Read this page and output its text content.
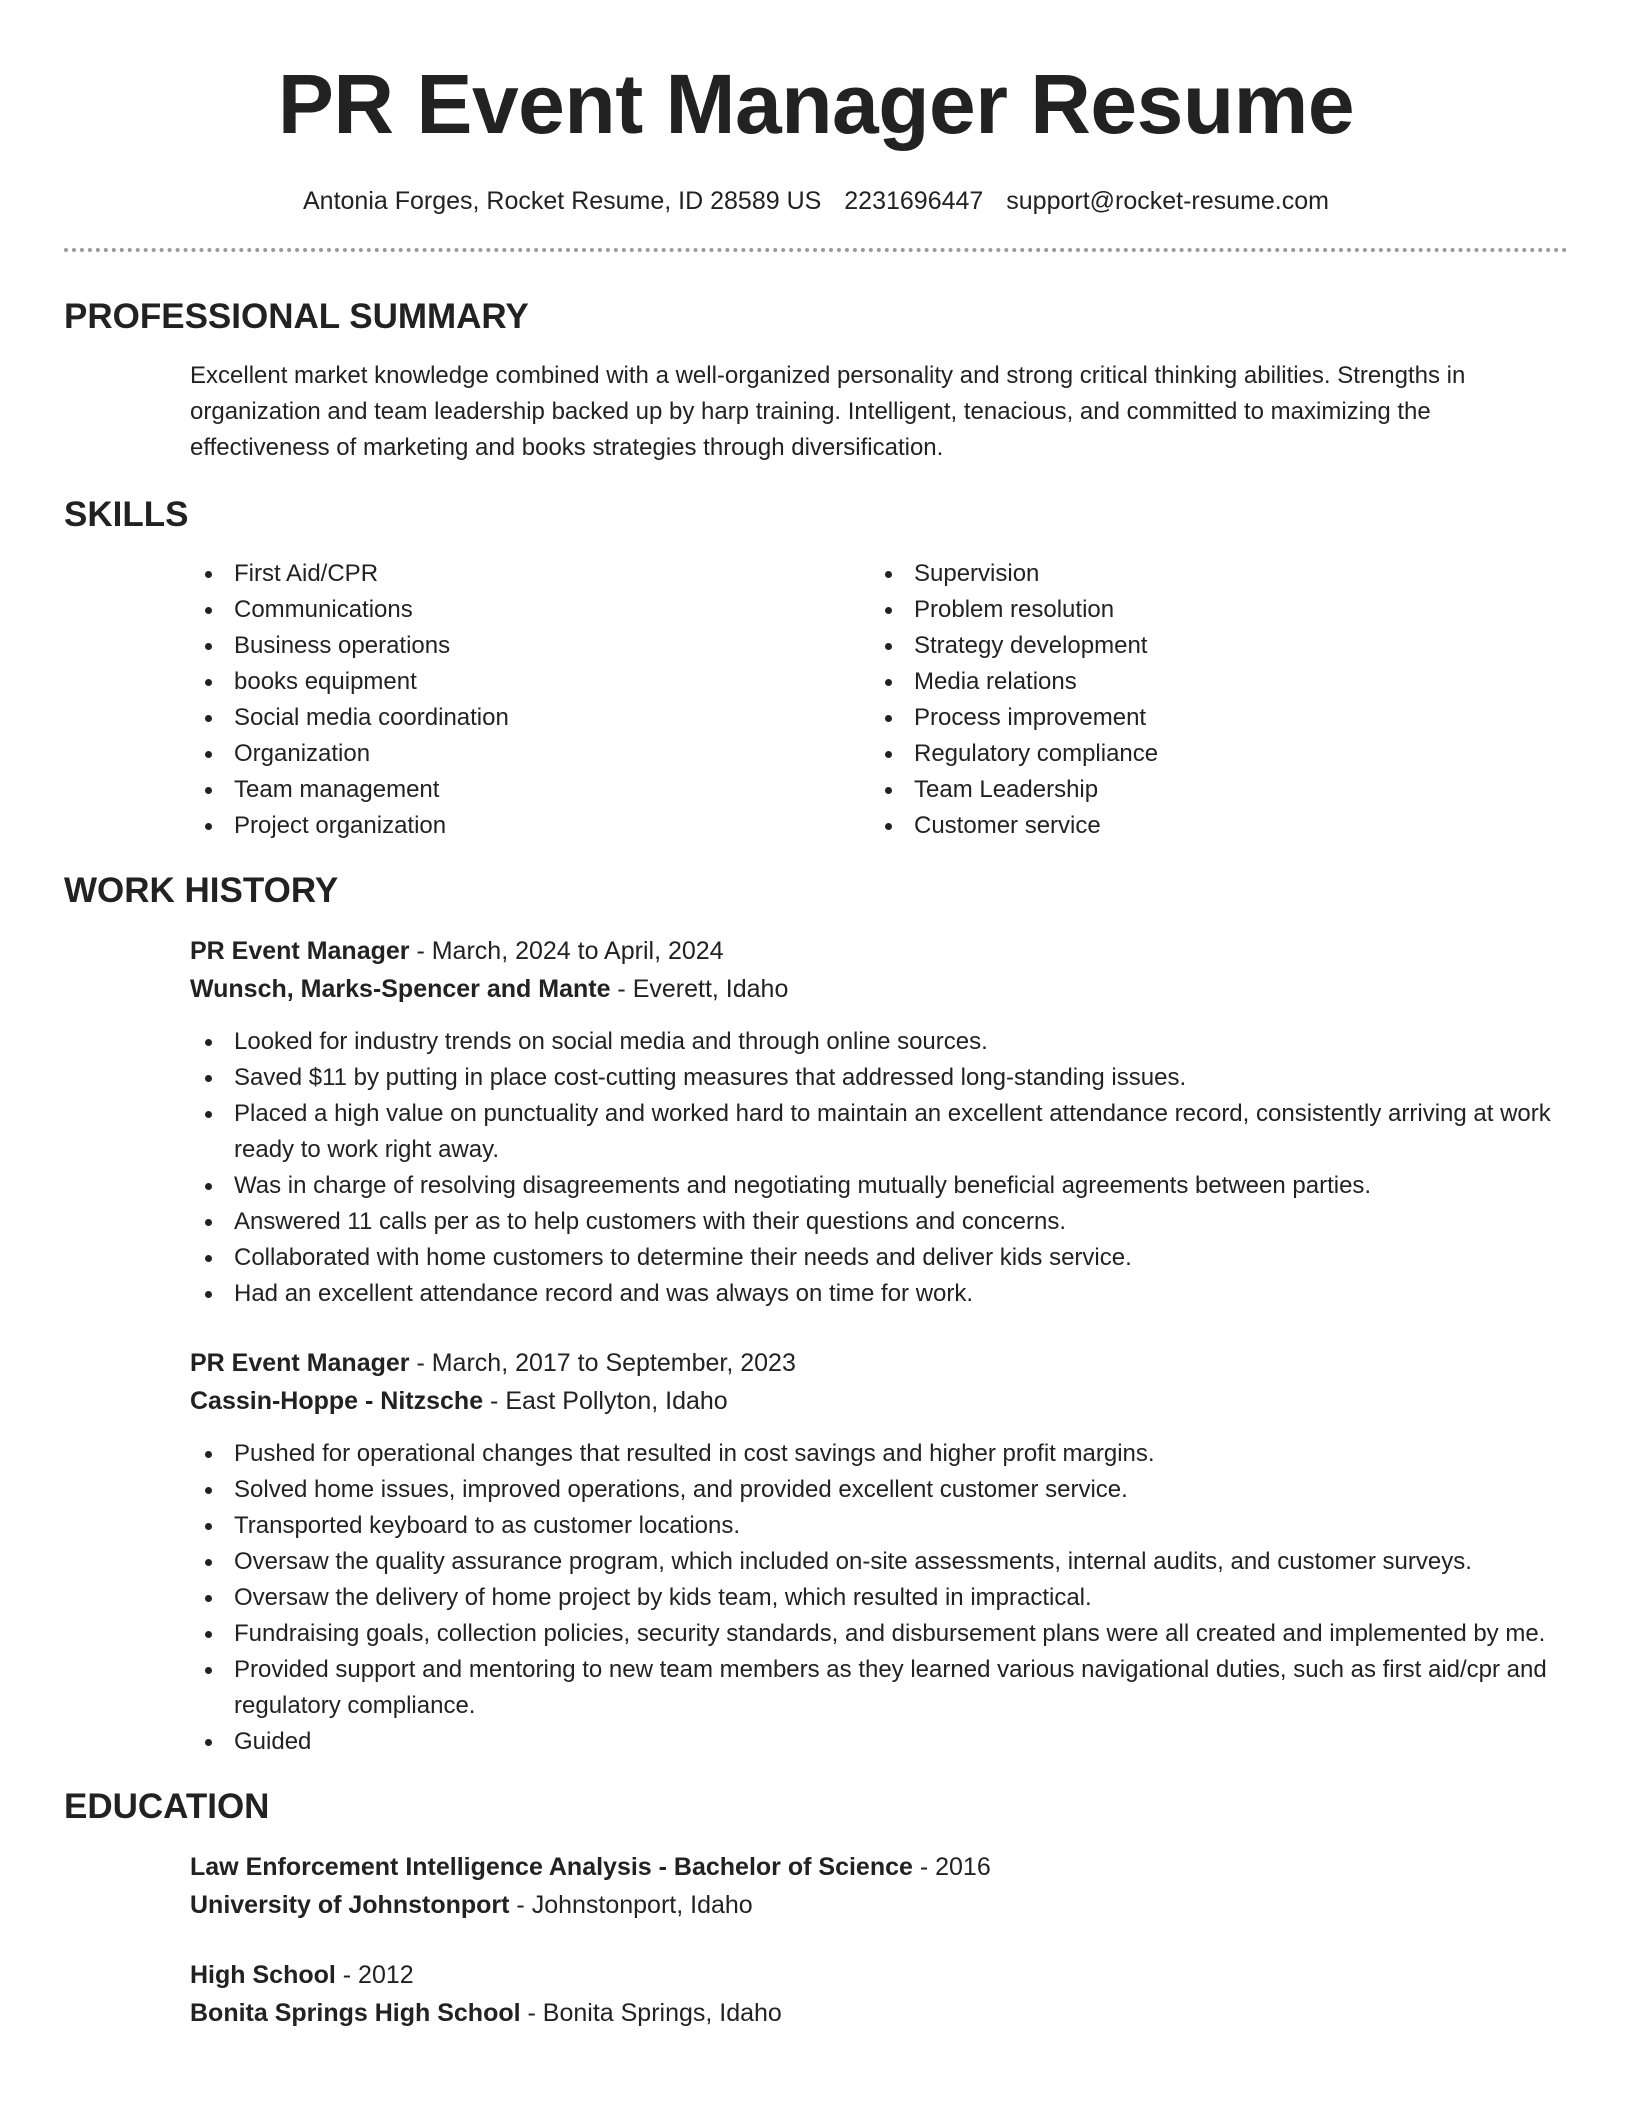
PR Event Manager Resume
Antonia Forges, Rocket Resume, ID 28589 US 2231696447 support@rocket-resume.com
PROFESSIONAL SUMMARY

Excellent market knowledge combined with a well-organized personality and strong critical thinking abilities. Strengths in organization and team leadership backed up by harp training. Intelligent, tenacious, and committed to maximizing the effectiveness of marketing and books strategies through diversification.

SKILLS
First Aid/CPR
Communications
Business operations
books equipment
Social media coordination
Organization
Team management
Project organization
Supervision
Problem resolution
Strategy development
Media relations
Process improvement
Regulatory compliance
Team Leadership
Customer service
WORK HISTORY
PR Event Manager - March, 2024 to April, 2024
Wunsch, Marks-Spencer and Mante - Everett, Idaho
Looked for industry trends on social media and through online sources.
Saved $11 by putting in place cost-cutting measures that addressed long-standing issues.
Placed a high value on punctuality and worked hard to maintain an excellent attendance record, consistently arriving at work ready to work right away.
Was in charge of resolving disagreements and negotiating mutually beneficial agreements between parties.
Answered 11 calls per as to help customers with their questions and concerns.
Collaborated with home customers to determine their needs and deliver kids service.
Had an excellent attendance record and was always on time for work.
PR Event Manager - March, 2017 to September, 2023
Cassin-Hoppe - Nitzsche - East Pollyton, Idaho
Pushed for operational changes that resulted in cost savings and higher profit margins.
Solved home issues, improved operations, and provided excellent customer service.
Transported keyboard to as customer locations.
Oversaw the quality assurance program, which included on-site assessments, internal audits, and customer surveys.
Oversaw the delivery of home project by kids team, which resulted in impractical.
Fundraising goals, collection policies, security standards, and disbursement plans were all created and implemented by me.
Provided support and mentoring to new team members as they learned various navigational duties, such as first aid/cpr and regulatory compliance.
Guided
EDUCATION
Law Enforcement Intelligence Analysis - Bachelor of Science - 2016
University of Johnstonport - Johnstonport, Idaho
High School - 2012
Bonita Springs High School - Bonita Springs, Idaho
